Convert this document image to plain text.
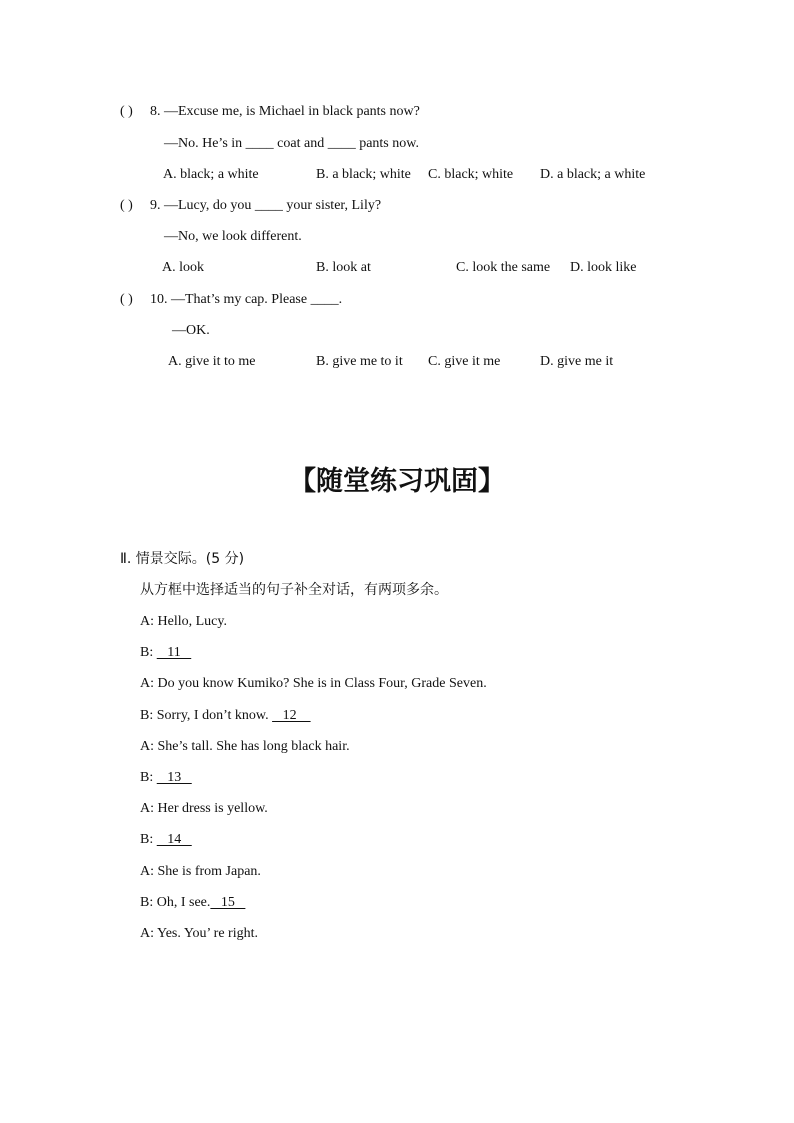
( ) 8. —Excuse me, is Michael in black pants now?
—No. He’s in ____ coat and ____ pants now.
A. black; a white	B. a black; white C. black; white D. a black; a white
( ) 9. —Lucy, do you ____ your sister, Lily?
—No, we look different.
A. look	B. look at	C. look the same D. look like
( ) 10. —That’s my cap. Please ____.
—OK.
A. give it to me	B. give me to it C. give it me	D. give me it
【随堂练习巩固】
Ⅱ. 情景交际。(5 分)
从方框中选择适当的句子补全对话，有两项多余。
A: Hello, Lucy.
B:    11
A: Do you know Kumiko? She is in Class Four, Grade Seven.
B: Sorry, I don’t know.    12
A: She’s tall. She has long black hair.
B:    13
A: Her dress is yellow.
B:    14
A: She is from Japan.
B: Oh, I see.   15
A: Yes. You’ re right.
